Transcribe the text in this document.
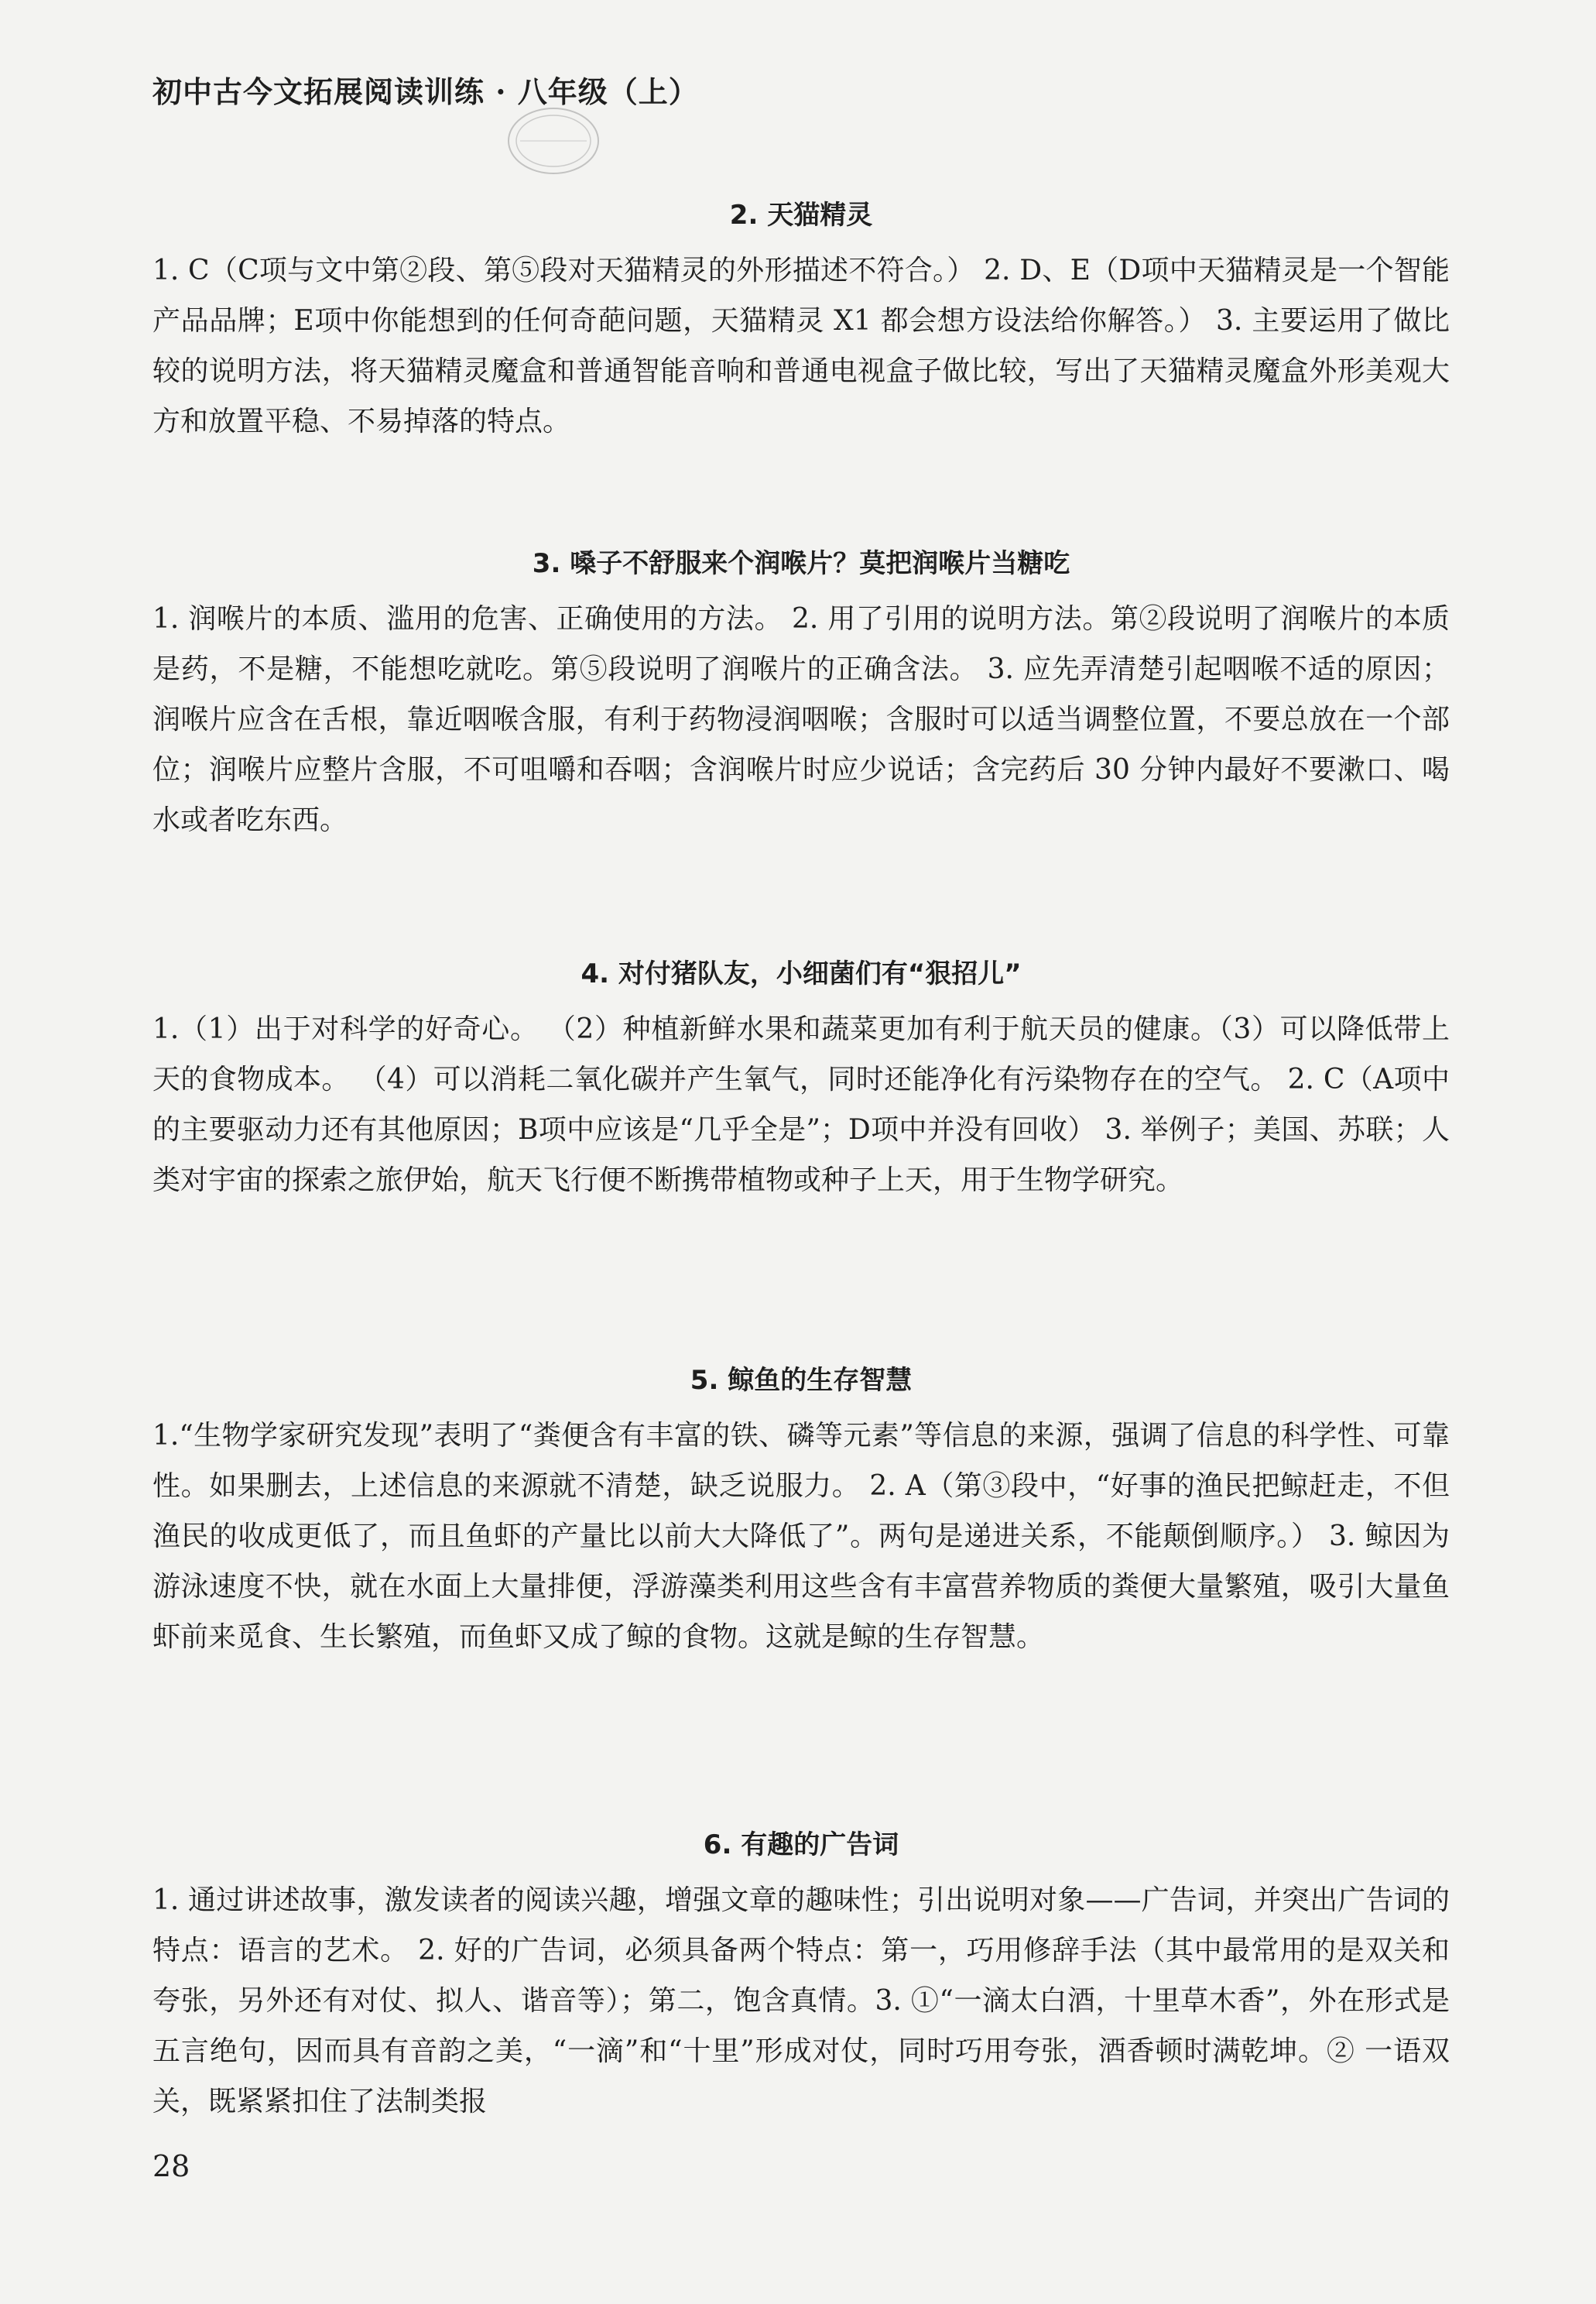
初中古今文拓展阅读训练 · 八年级（上）
2. 天猫精灵

1. C（C项与文中第②段、第⑤段对天猫精灵的外形描述不符合。） 2. D、E（D项中天猫精灵是一个智能产品品牌；E项中你能想到的任何奇葩问题，天猫精灵 X1 都会想方设法给你解答。） 3. 主要运用了做比较的说明方法，将天猫精灵魔盒和普通智能音响和普通电视盒子做比较，写出了天猫精灵魔盒外形美观大方和放置平稳、不易掉落的特点。

3. 嗓子不舒服来个润喉片？莫把润喉片当糖吃

1. 润喉片的本质、滥用的危害、正确使用的方法。 2. 用了引用的说明方法。第②段说明了润喉片的本质是药，不是糖，不能想吃就吃。第⑤段说明了润喉片的正确含法。 3. 应先弄清楚引起咽喉不适的原因；润喉片应含在舌根，靠近咽喉含服，有利于药物浸润咽喉；含服时可以适当调整位置，不要总放在一个部位；润喉片应整片含服，不可咀嚼和吞咽；含润喉片时应少说话；含完药后 30 分钟内最好不要漱口、喝水或者吃东西。

4. 对付猪队友，小细菌们有“狠招儿”

1.（1）出于对科学的好奇心。 （2）种植新鲜水果和蔬菜更加有利于航天员的健康。（3）可以降低带上天的食物成本。 （4）可以消耗二氧化碳并产生氧气，同时还能净化有污染物存在的空气。 2. C（A项中的主要驱动力还有其他原因；B项中应该是“几乎全是”；D项中并没有回收） 3. 举例子；美国、苏联；人类对宇宙的探索之旅伊始，航天飞行便不断携带植物或种子上天，用于生物学研究。

5. 鲸鱼的生存智慧

1.“生物学家研究发现”表明了“粪便含有丰富的铁、磷等元素”等信息的来源，强调了信息的科学性、可靠性。如果删去，上述信息的来源就不清楚，缺乏说服力。 2. A（第③段中，“好事的渔民把鲸赶走，不但渔民的收成更低了，而且鱼虾的产量比以前大大降低了”。两句是递进关系，不能颠倒顺序。） 3. 鲸因为游泳速度不快，就在水面上大量排便，浮游藻类利用这些含有丰富营养物质的粪便大量繁殖，吸引大量鱼虾前来觅食、生长繁殖，而鱼虾又成了鲸的食物。这就是鲸的生存智慧。

6. 有趣的广告词

1. 通过讲述故事，激发读者的阅读兴趣，增强文章的趣味性；引出说明对象——广告词，并突出广告词的特点：语言的艺术。 2. 好的广告词，必须具备两个特点：第一，巧用修辞手法（其中最常用的是双关和夸张，另外还有对仗、拟人、谐音等）；第二，饱含真情。3. ①“一滴太白酒，十里草木香”，外在形式是五言绝句，因而具有音韵之美，“一滴”和“十里”形成对仗，同时巧用夸张，酒香顿时满乾坤。② 一语双关，既紧紧扣住了法制类报

28
